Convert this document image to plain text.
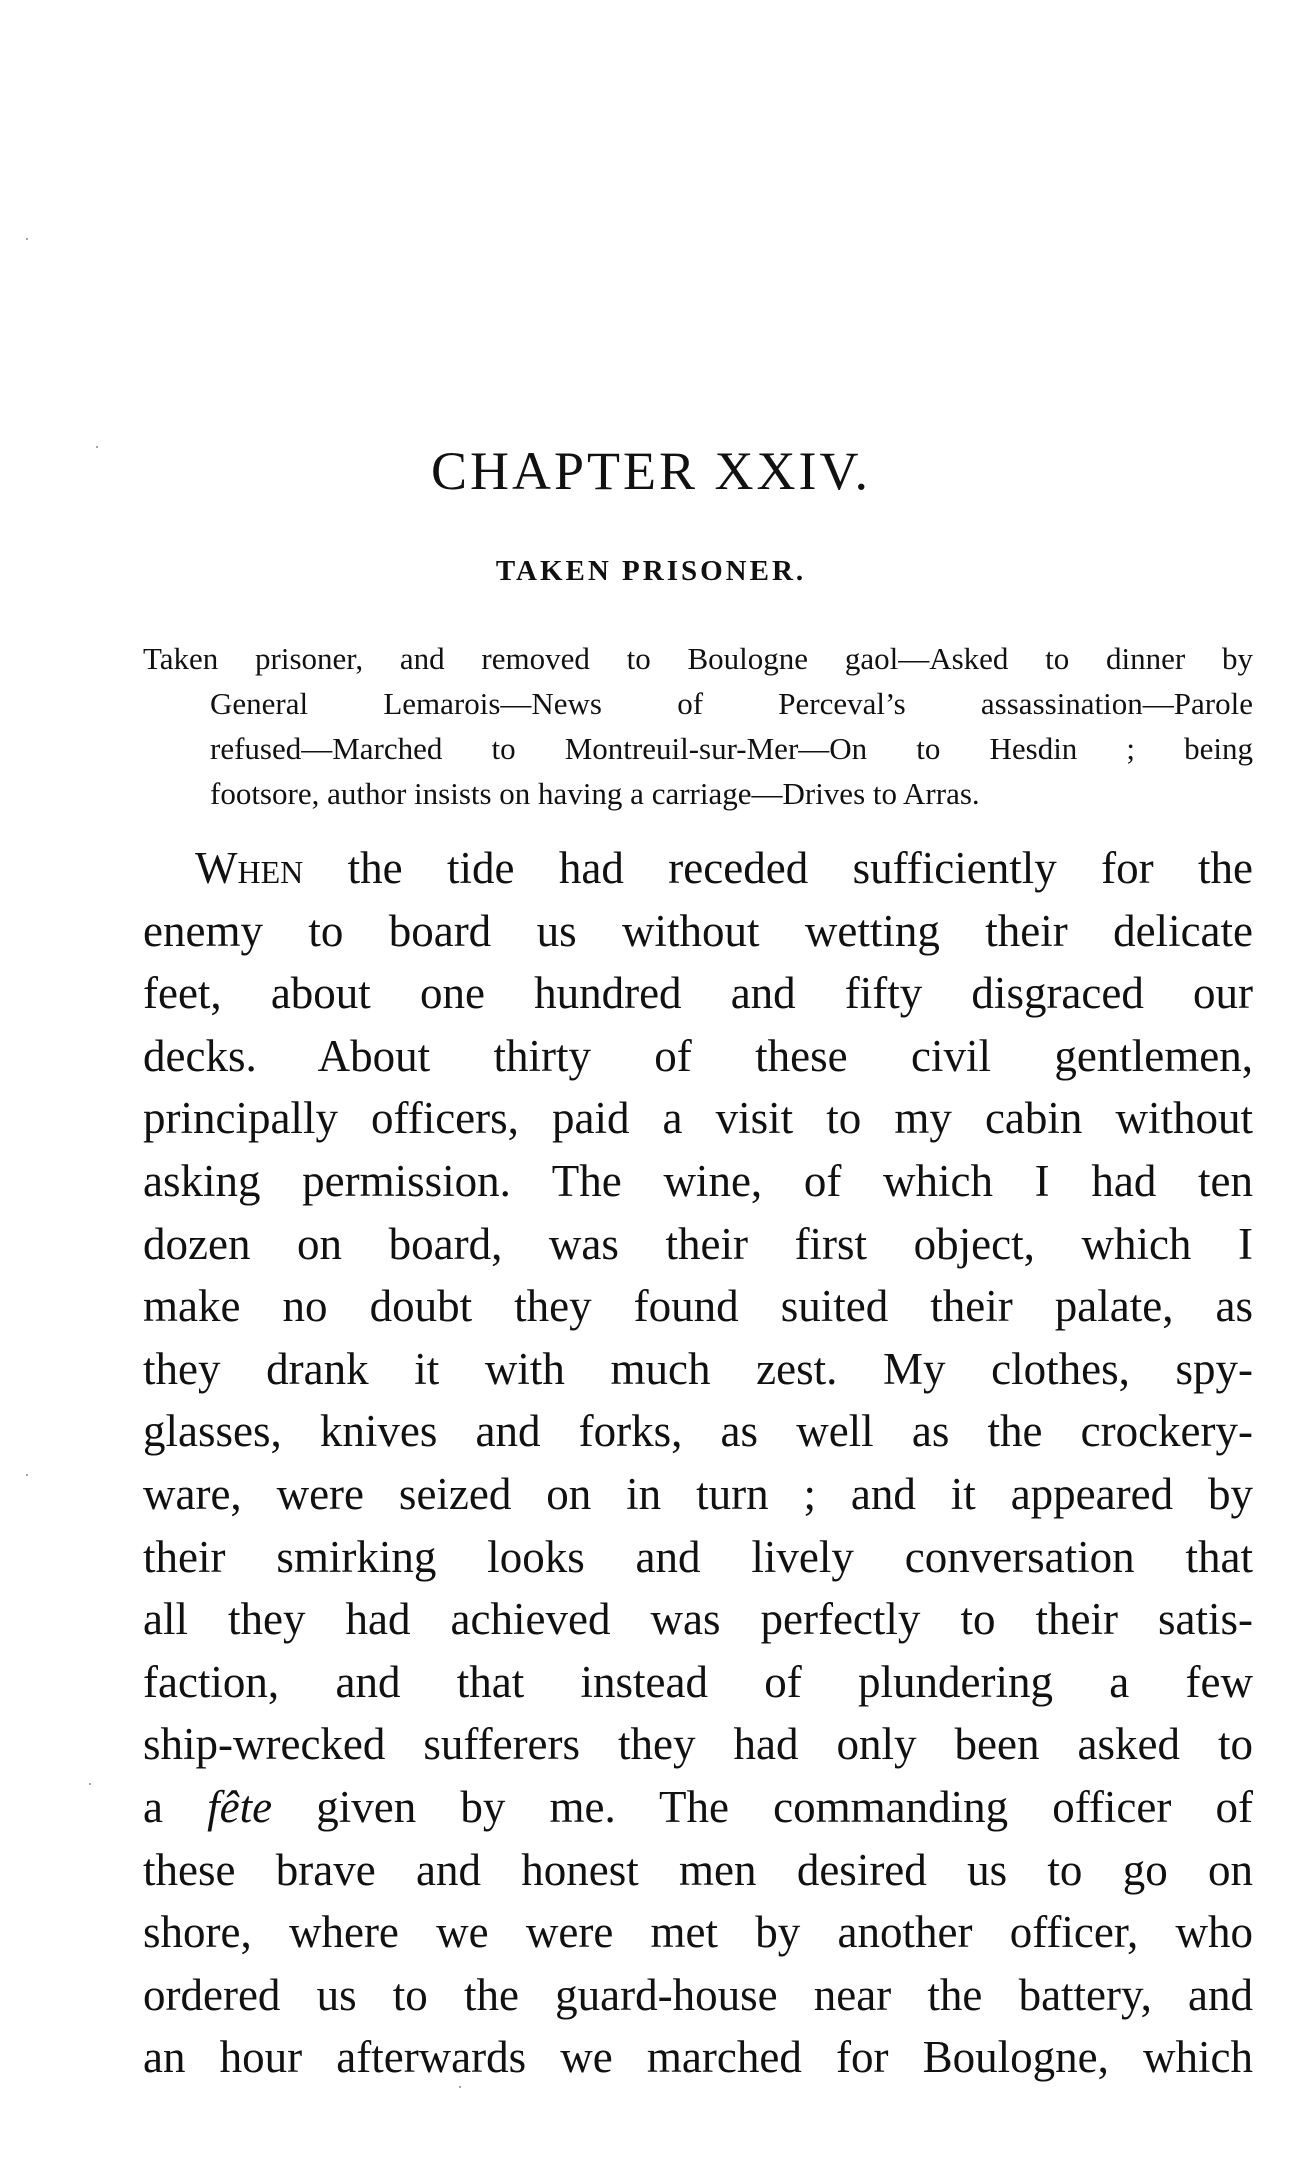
CHAPTER XXIV.
TAKEN PRISONER.

Taken prisoner, and removed to Boulogne gaol—Asked to dinner by
General Lemarois—News of Perceval’s assassination—Parole
refused—Marched to Montreuil-sur-Mer—On to Hesdin ; being
footsore, author insists on having a carriage—Drives to Arras.

When the tide had receded sufficiently for the
enemy to board us without wetting their delicate
feet, about one hundred and fifty disgraced our
decks. About thirty of these civil gentlemen,
principally officers, paid a visit to my cabin without
asking permission. The wine, of which I had ten
dozen on board, was their first object, which I
make no doubt they found suited their palate, as
they drank it with much zest. My clothes, spy-
glasses, knives and forks, as well as the crockery-
ware, were seized on in turn ; and it appeared by
their smirking looks and lively conversation that
all they had achieved was perfectly to their satis-
faction, and that instead of plundering a few
ship-wrecked sufferers they had only been asked to
a fête given by me. The commanding officer of
these brave and honest men desired us to go on
shore, where we were met by another officer, who
ordered us to the guard-house near the battery, and
an hour afterwards we marched for Boulogne, which
